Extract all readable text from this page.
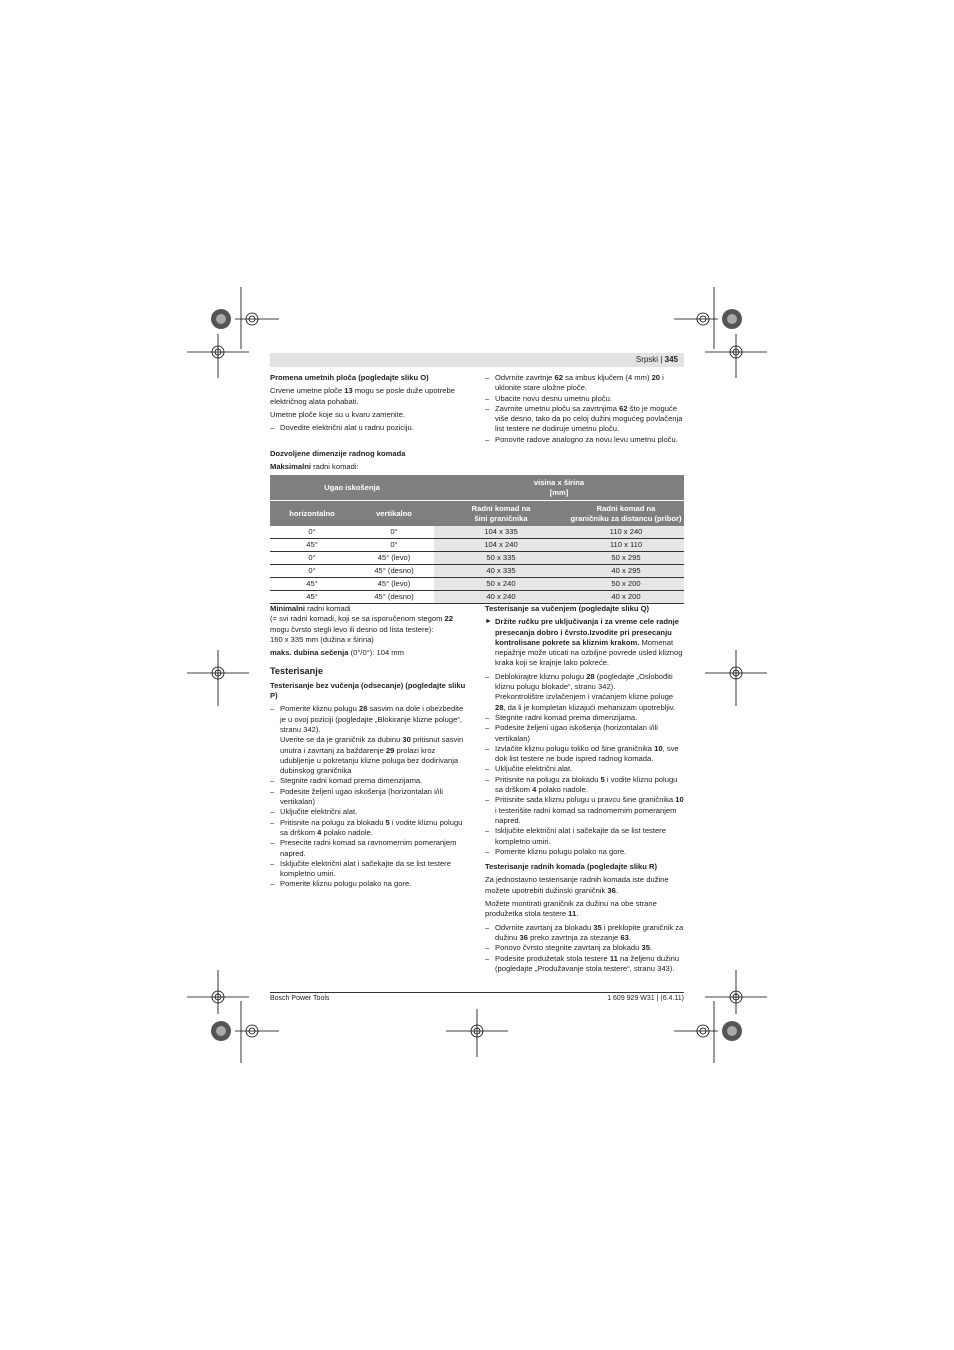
Srpski | 345
Promena umetnih ploča (pogledajte sliku O)

Crvene umetne ploče 13 mogu se posle duže upotrebe električnog alata pohabati.

Umetne ploče koje su u kvaru zamenite.

– Dovedite električni alat u radnu poziciju.
– Odvrnite zavrtnje 62 sa imbus ključem (4 mm) 20 i uklonite stare uložne ploče.
– Ubacite novu desnu umetnu ploču.
– Zavrnite umetnu ploču sa zavrtnjima 62 što je moguće više desno, tako da po celoj dužini mogućeg povlačenja list testere ne dodiruje umetnu ploču.
– Ponovite radove analogno za novu levu umetnu ploču.
Dozvoljene dimenzije radnog komada

Maksimalni radni komadi:

Ugao iskošenja		visina x širina
[mm]	
horizontalno	vertikalno	Radni komad na
šini graničnika	Radni komad na
graničniku za distancu (pribor)
0°	0°	104 x 335	110 x 240
45°	0°	104 x 240	110 x 110
0°	45° (levo)	50 x 335	50 x 295
0°	45° (desno)	40 x 335	40 x 295
45°	45° (levo)	50 x 240	50 x 200
45°	45° (desno)	40 x 240	40 x 200

Minimalni radni komadi
(= svi radni komadi, koji se sa isporučenom stegom 22 mogu čvrsto stegli levo ili desno od lista testere):
160 x 335 mm (dužina x širina)

maks. dubina sečenja (0°/0°): 104 mm

Testerisanje
Testerisanje bez vučenja (odsecanje) (pogledajte sliku P)
– Pomerite kliznu polugu 28 sasvim na dole i obezbedite je u ovoj poziciji (pogledajte „Blokiranje klizne poluge“, stranu 342).
Uverite se da je graničnik za dubinu 30 pritisnut sasvin unutra i zavrtanj za baždarenje 29 prolazi kroz udubljenje u pokretanju klizne poluga bez dodirivanja dubinskog graničnika
– Stegnite radni komad prema dimenzijama.
– Podesite željeni ugao iskošenja (horizontalan i/ili vertikalan)
– Uključite električni alat.
– Pritisnite na polugu za blokadu 5 i vodite kliznu polugu sa drškom 4 polako nadole.
– Presecite radni komad sa ravnomernim pomeranjem napred.
– Isključite električni alat i sačekajte da se list testere kompletno umiri.
– Pomerite kliznu polugu polako na gore.
Testerisanje sa vučenjem (pogledajte sliku Q)

► Držite ručku pre uključivanja i za vreme cele radnje presecanja dobro i čvrsto.Izvodite pri presecanju kontrolisane pokrete sa kliznim krakom. Momenat nepažnje može uticati na ozbiljne povrede usled kliznog kraka koji se krajnje lako pokreće.

– Deblokirajtre kliznu polugu 28 (pogledajte „Oslobođiti kliznu polugu blokade“, stranu 342).
Prekontrolištre izvlačenjem i vraćanjem klizne poluge 28, da li je kompletan klizajući mehanizam upotrebljiv.
– Stegnite radni komad prema dimenzijama.
– Podesite željeni ugao iskošenja (horizontalan i/ili vertikalan)
– Izvlačite kliznu polugu toliko od šine graničnika 10, sve dok list testere ne bude ispred radnog komada.
– Uključite električni alat.
– Pritisnite na polugu za blokadu 5 i vodite kliznu polugu sa drškom 4 polako nadole.
– Pritisnite sada kliznu polugu u pravcu šine graničnika 10 i testerišite radni komad sa radnomernim pomeranjem napred.
– Isključite električni alat i sačekajte da se list testere kompletno umiri.
– Pomerite kliznu polugu polako na gore.
Testerisanje radnih komada (pogledajte sliku R)

Za jednostavno testerisanje radnih komada iste dužine možete upotrebiti dužinski graničnik 36.

Možete montirati graničnik za dužinu na obe strane produžetka stola testere 11.

– Odvrnite zavrtanj za blokadu 35 i preklopite graničnik za dužinu 36 preko zavrtnja za stezanje 63.
– Ponovo čvrsto stegnite zavrtanj za blokadu 35.
– Podesite produžetak stola testere 11 na željenu dužinu (pogledajte „Produžavanje stola testere“, stranu 343).
Bosch Power Tools	1 609 929 W31 | (6.4.11)
